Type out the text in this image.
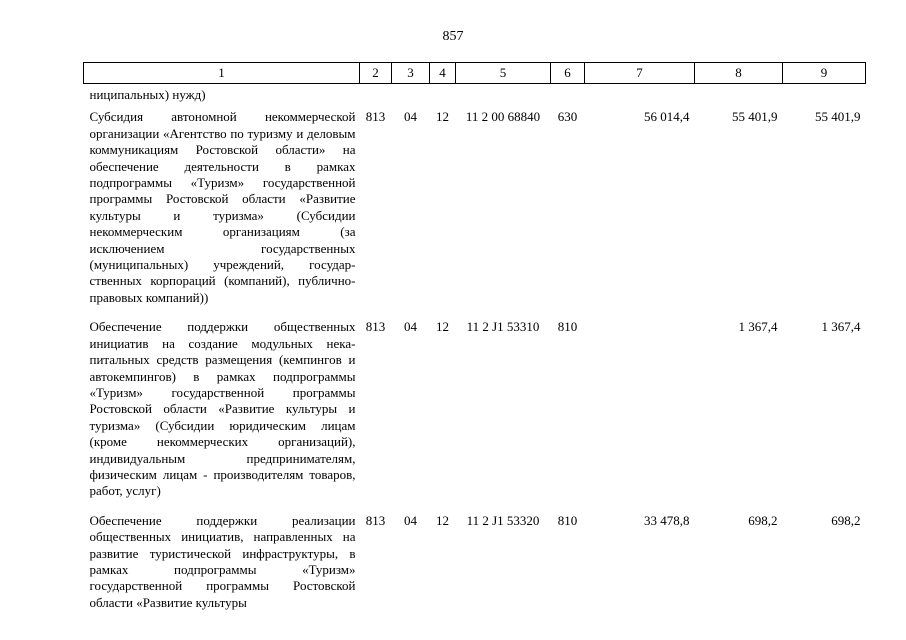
857
1	2	3	4	5	6	7	8	9
ниципальных) нужд)								
Субсидия автономной некоммерческой организации «Агентство по туризму и деловым коммуникациям Ростовской области» на обеспечение деятельности в рамках подпрограммы «Туризм» государственной программы Ростовской области «Развитие культуры и туризма» (Субсидии некоммерческим организациям (за исключением государственных (муниципальных) учреждений, государственных корпораций (компаний), публично-правовых компаний))	813	04	12	11 2 00 68840	630	56 014,4	55 401,9	55 401,9
Обеспечение поддержки общественных инициатив на создание модульных некапитальных средств размещения (кемпингов и автокемпингов) в рамках подпрограммы «Туризм» государственной программы Ростовской области «Развитие культуры и туризма» (Субсидии юридическим лицам (кроме некоммерческих организаций), индивидуальным предпринимателям, физическим лицам - производителям товаров, работ, услуг)	813	04	12	11 2 J1 53310	810		1 367,4	1 367,4
Обеспечение поддержки реализации общественных инициатив, направленных на развитие туристической инфраструктуры, в рамках подпрограммы «Туризм» государственной программы Ростовской области «Развитие культуры	813	04	12	11 2 J1 53320	810	33 478,8	698,2	698,2
